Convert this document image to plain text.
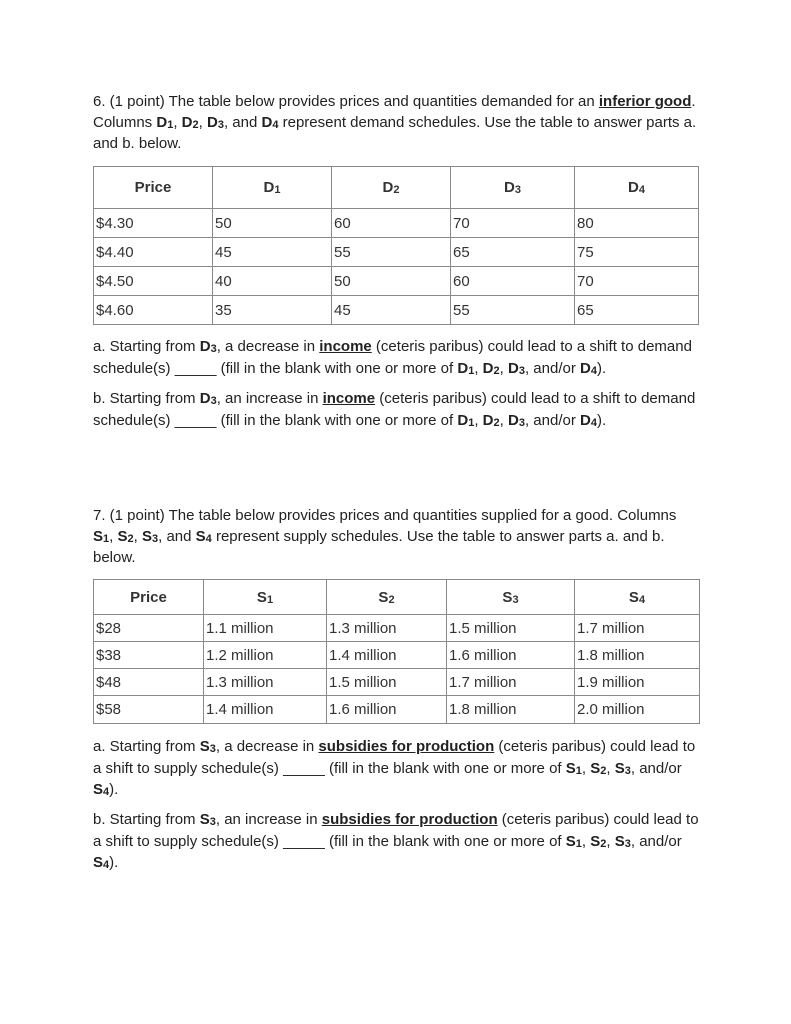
6. (1 point) The table below provides prices and quantities demanded for an inferior good. Columns $D_1$, $D_2$, $D_3$, and $D_4$ represent demand schedules. Use the table to answer parts a. and b. below.

Price	$D_1$	$D_2$	$D_3$	$D_4$
$4.30	50	60	70	80
$4.40	45	55	65	75
$4.50	40	50	60	70
$4.60	35	45	55	65

a. Starting from $D_3$, a decrease in income (ceteris paribus) could lead to a shift to demand schedule(s) _____ (fill in the blank with one or more of $D_1$, $D_2$, $D_3$, and/or $D_4$).

b. Starting from $D_3$, an increase in income (ceteris paribus) could lead to a shift to demand schedule(s) _____ (fill in the blank with one or more of $D_1$, $D_2$, $D_3$, and/or $D_4$).

7. (1 point) The table below provides prices and quantities supplied for a good. Columns $S_1$, $S_2$, $S_3$, and $S_4$ represent supply schedules. Use the table to answer parts a. and b. below.

Price	$S_1$	$S_2$	$S_3$	$S_4$
$28	1.1 million	1.3 million	1.5 million	1.7 million
$38	1.2 million	1.4 million	1.6 million	1.8 million
$48	1.3 million	1.5 million	1.7 million	1.9 million
$58	1.4 million	1.6 million	1.8 million	2.0 million

a. Starting from $S_3$, a decrease in subsidies for production (ceteris paribus) could lead to a shift to supply schedule(s) _____ (fill in the blank with one or more of $S_1$, $S_2$, $S_3$, and/or $S_4$).

b. Starting from $S_3$, an increase in subsidies for production (ceteris paribus) could lead to a shift to supply schedule(s) _____ (fill in the blank with one or more of $S_1$, $S_2$, $S_3$, and/or $S_4$).
